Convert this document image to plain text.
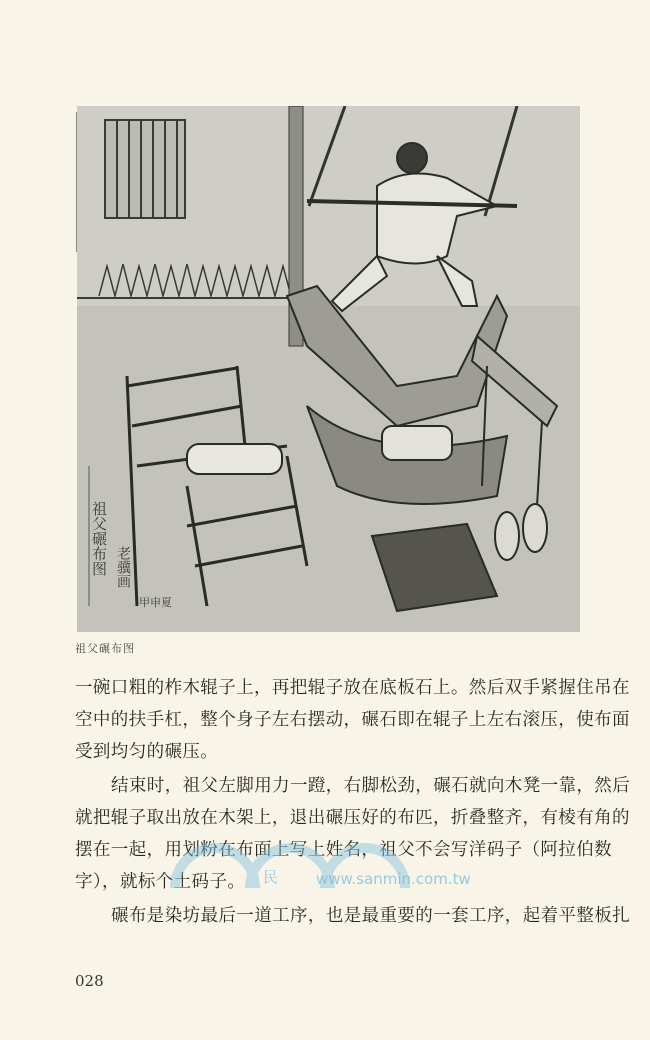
祖父碾布图 老骥画
甲申夏
祖父碾布图
一碗口粗的柞木辊子上，再把辊子放在底板石上。然后双手紧握住吊在
空中的扶手杠，整个身子左右摆动，碾石即在辊子上左右滚压，使布面
受到均匀的碾压。
结束时，祖父左脚用力一蹬，右脚松劲，碾石就向木凳一靠，然后
就把辊子取出放在木架上，退出碾压好的布匹，折叠整齐，有棱有角的
摆在一起，用划粉在布面上写上姓名，祖父不会写洋码子（阿拉伯数
字），就标个土码子。
碾布是染坊最后一道工序，也是最重要的一套工序，起着平整板扎
民	www.sanmin.com.tw
028
